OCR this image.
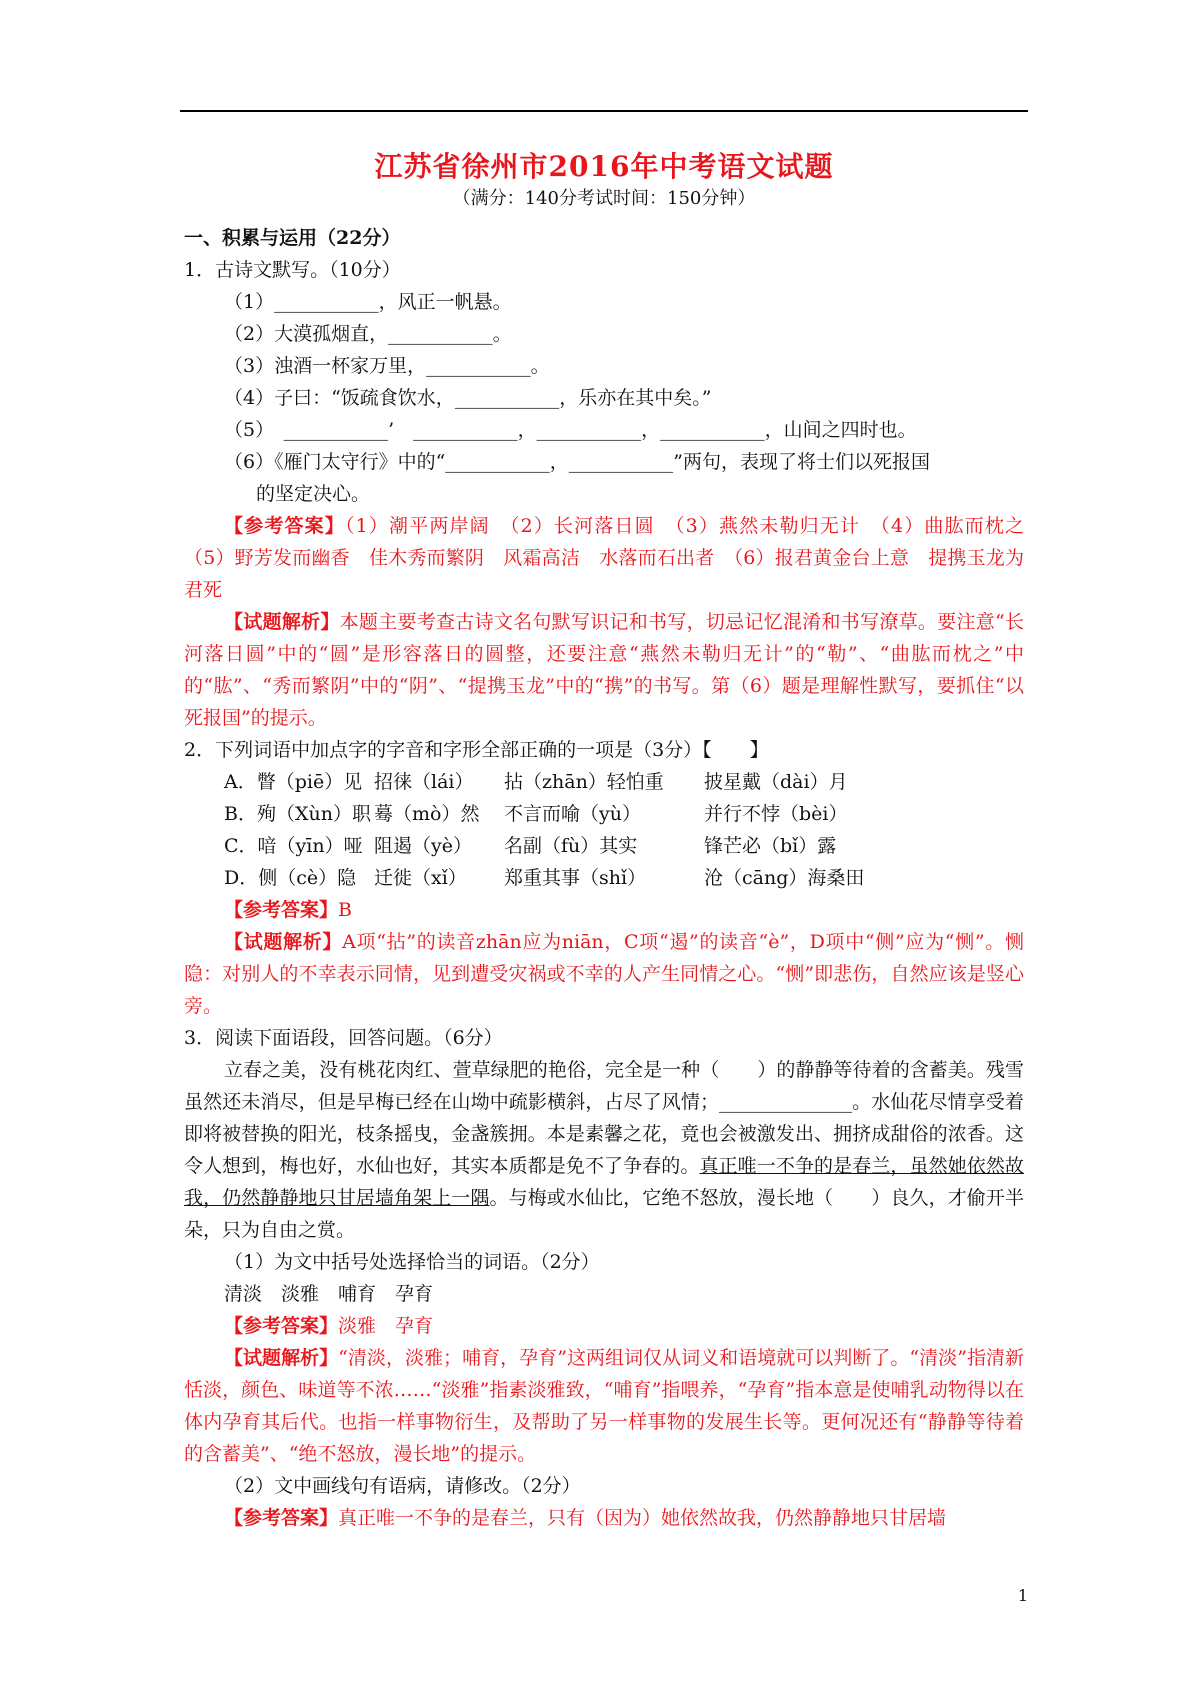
江苏省徐州市2016年中考语文试题

（满分：140分考试时间：150分钟）

一、积累与运用（22分）

1．古诗文默写。（10分）

（1）___________，风正一帆悬。

（2）大漠孤烟直，___________。

（3）浊酒一杯家万里，___________。

（4）子曰：“饭疏食饮水，___________，乐亦在其中矣。”

（5）　___________’　___________，___________，___________，山间之四时也。

（6）《雁门太守行》中的“___________，___________”两句，表现了将士们以死报国

的坚定决心。

【参考答案】（1）潮平两岸阔　（2）长河落日圆　（3）燕然未勒归无计　（4）曲肱而枕之　（5）野芳发而幽香　佳木秀而繁阴　风霜高洁　水落而石出者　（6）报君黄金台上意　提携玉龙为君死

【试题解析】本题主要考查古诗文名句默写识记和书写，切忌记忆混淆和书写潦草。要注意“长河落日圆”中的“圆”是形容落日的圆整，还要注意“燕然未勒归无计”的“勒”、“曲肱而枕之”中的“肱”、“秀而繁阴”中的“阴”、“提携玉龙”中的“携”的书写。第（6）题是理解性默写，要抓住“以死报国”的提示。

2．下列词语中加点字的字音和字形全部正确的一项是（3分）【　　】

A．瞥（piē）见 招徕（lái）	拈（zhān）轻怕重	披星戴（dài）月
B．殉（Xùn）职 蓦（mò）然	不言而喻（yù）	并行不悖（bèi）
C．喑（yīn）哑 阻遏（yè）	名副（fù）其实	锋芒必（bǐ）露
D．侧（cè）隐 迁徙（xǐ）	郑重其事（shǐ）	沧（cāng）海桑田

【参考答案】B

【试题解析】A项“拈”的读音zhān应为niān，C项“遏”的读音“è”，D项中“侧”应为“恻”。恻隐：对别人的不幸表示同情，见到遭受灾祸或不幸的人产生同情之心。“恻”即悲伤，自然应该是竖心旁。

3．阅读下面语段，回答问题。（6分）

立春之美，没有桃花肉红、萱草绿肥的艳俗，完全是一种（　　）的静静等待着的含蓄美。残雪虽然还未消尽，但是早梅已经在山坳中疏影横斜，占尽了风情；______________。水仙花尽情享受着即将被替换的阳光，枝条摇曳，金盏簇拥。本是素馨之花，竟也会被激发出、拥挤成甜俗的浓香。这令人想到，梅也好，水仙也好，其实本质都是免不了争春的。真正唯一不争的是春兰，虽然她依然故我，仍然静静地只甘居墙角架上一隅。与梅或水仙比，它绝不怒放，漫长地（　　）良久，才偷开半朵，只为自由之赏。

（1）为文中括号处选择恰当的词语。（2分）

清淡　淡雅　哺育　孕育

【参考答案】淡雅　孕育

【试题解析】“清淡，淡雅；哺育，孕育”这两组词仅从词义和语境就可以判断了。“清淡”指清新恬淡，颜色、味道等不浓……“淡雅”指素淡雅致，“哺育”指喂养，“孕育”指本意是使哺乳动物得以在体内孕育其后代。也指一样事物衍生，及帮助了另一样事物的发展生长等。更何况还有“静静等待着的含蓄美”、“绝不怒放，漫长地”的提示。

（2）文中画线句有语病，请修改。（2分）

【参考答案】真正唯一不争的是春兰，只有（因为）她依然故我，仍然静静地只甘居墙

1
